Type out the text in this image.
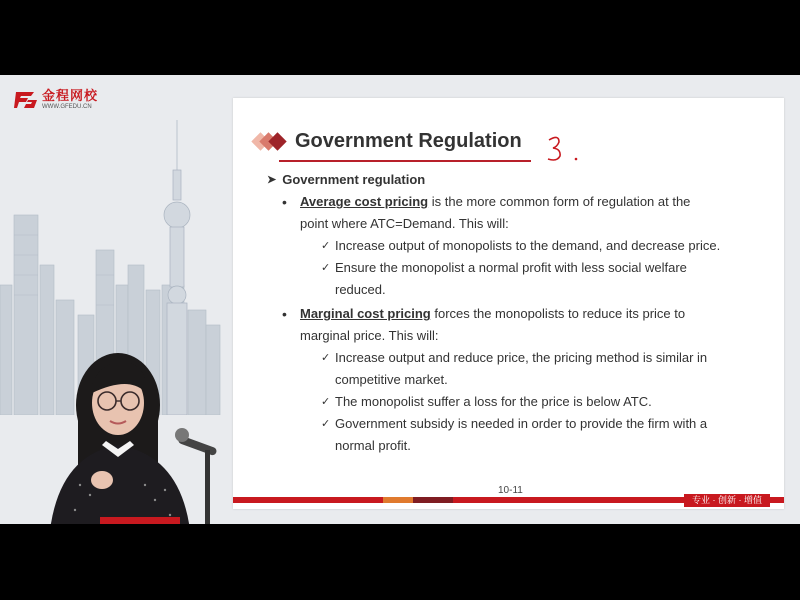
金程网校
WWW.GFEDU.CN
Government Regulation
➤ Government regulation
• Average cost pricing is the more common form of regulation at the
point where ATC=Demand. This will:
✓ Increase output of monopolists to the demand, and decrease price.
✓ Ensure the monopolist a normal profit with less social welfare
reduced.
• Marginal cost pricing forces the monopolists to reduce its price to
marginal price. This will:
✓ Increase output and reduce price, the pricing method is similar in
competitive market.
✓ The monopolist suffer a loss for the price is below ATC.
✓ Government subsidy is needed in order to provide the firm with a
normal profit.
10-11
专业 · 创新 · 增值
